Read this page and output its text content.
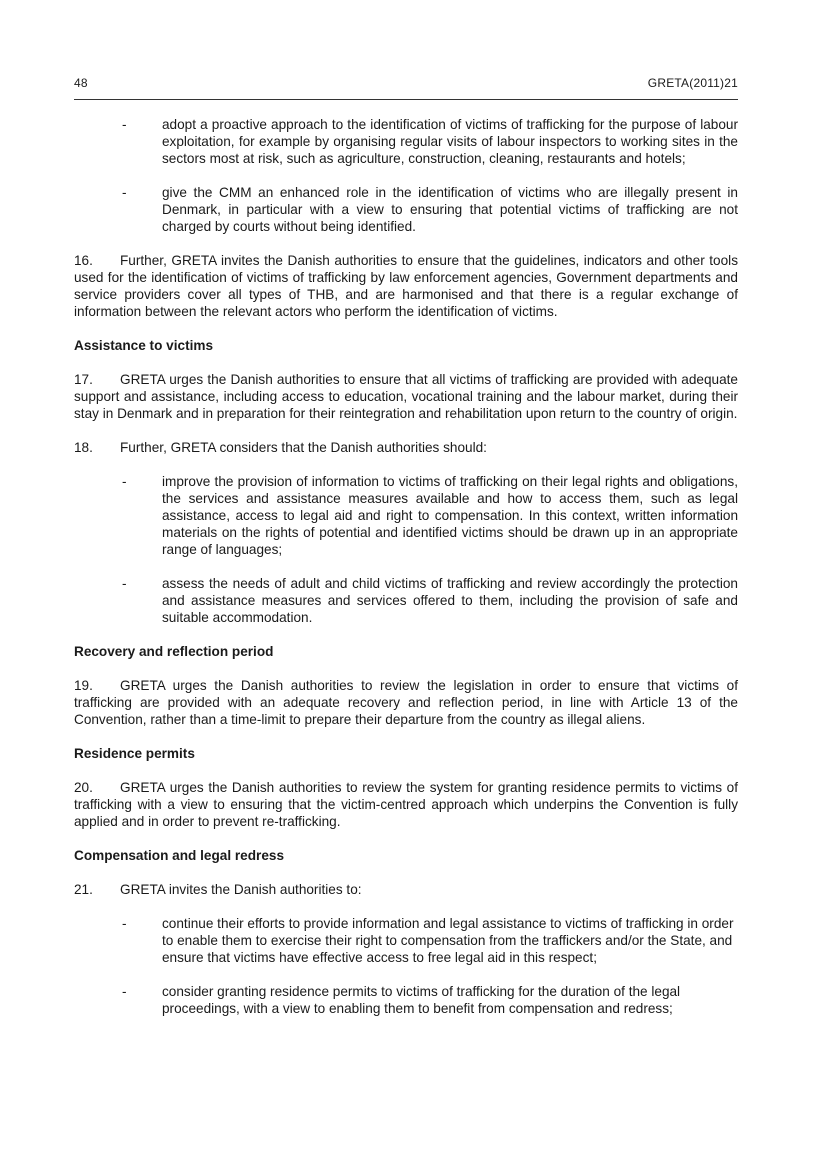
48	GRETA(2011)21
-	adopt a proactive approach to the identification of victims of trafficking for the purpose of labour exploitation, for example by organising regular visits of labour inspectors to working sites in the sectors most at risk, such as agriculture, construction, cleaning, restaurants and hotels;
-	give the CMM an enhanced role in the identification of victims who are illegally present in Denmark, in particular with a view to ensuring that potential victims of trafficking are not charged by courts without being identified.
16. Further, GRETA invites the Danish authorities to ensure that the guidelines, indicators and other tools used for the identification of victims of trafficking by law enforcement agencies, Government departments and service providers cover all types of THB, and are harmonised and that there is a regular exchange of information between the relevant actors who perform the identification of victims.
Assistance to victims
17. GRETA urges the Danish authorities to ensure that all victims of trafficking are provided with adequate support and assistance, including access to education, vocational training and the labour market, during their stay in Denmark and in preparation for their reintegration and rehabilitation upon return to the country of origin.
18. Further, GRETA considers that the Danish authorities should:
-	improve the provision of information to victims of trafficking on their legal rights and obligations, the services and assistance measures available and how to access them, such as legal assistance, access to legal aid and right to compensation. In this context, written information materials on the rights of potential and identified victims should be drawn up in an appropriate range of languages;
-	assess the needs of adult and child victims of trafficking and review accordingly the protection and assistance measures and services offered to them, including the provision of safe and suitable accommodation.
Recovery and reflection period
19. GRETA urges the Danish authorities to review the legislation in order to ensure that victims of trafficking are provided with an adequate recovery and reflection period, in line with Article 13 of the Convention, rather than a time-limit to prepare their departure from the country as illegal aliens.
Residence permits
20. GRETA urges the Danish authorities to review the system for granting residence permits to victims of trafficking with a view to ensuring that the victim-centred approach which underpins the Convention is fully applied and in order to prevent re-trafficking.
Compensation and legal redress
21. GRETA invites the Danish authorities to:
-	continue their efforts to provide information and legal assistance to victims of trafficking in order to enable them to exercise their right to compensation from the traffickers and/or the State, and ensure that victims have effective access to free legal aid in this respect;
-	consider granting residence permits to victims of trafficking for the duration of the legal proceedings, with a view to enabling them to benefit from compensation and redress;
